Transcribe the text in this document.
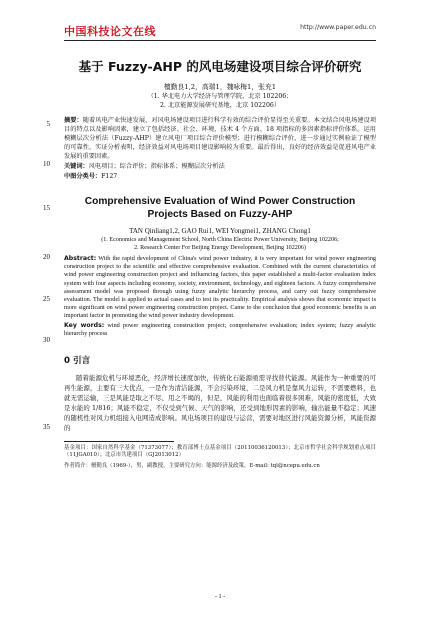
中国科技论文在线	http://www.paper.edu.cn
5
10
15
20
25
30
35
基于 Fuzzy-AHP 的风电场建设项目综合评价研究
檀勤良1,2，高瑞1，魏咏梅1，张充1
（1. 华北电力大学经济与管理学院，北京 102206；
2. 北京能源发展研究基地，北京 102206）
摘要：随着风电产业快速发展，对风电场建设项目进行科学有效的综合评价显得至关重要。本文结合风电场建设项目的特点以及影响因素，建立了包括经济、社会、环境、技术 4 个方面、18 项指标的多因素指标评价体系。运用模糊层次分析法（Fuzzy-AHP）建立风电厂项目综合评价模型；进行模糊综合评价，进一步通过实例验证了模型的可靠性，实证分析表明，经济效益对风电场项目建设影响较为重要。最后得出，良好的经济效益是促进风电产业发展的重要因素。
关键词：风电项目；综合评价；指标体系；模糊层次分析法
中图分类号：F127
Comprehensive Evaluation of Wind Power Construction Projects Based on Fuzzy-AHP
TAN Qinliang1,2, GAO Rui1, WEI Yongmei1, ZHANG Chong1
(1. Economics and Management School, North China Electric Power University, Beijing 102206;
2. Research Center For Beijing Energy Development, Beijing 102206)
Abstract: With the rapid development of China's wind power industry, it is very important for wind power engineering construction project to the scientific and effective comprehensive evaluation. Combined with the current characteristics of wind power engineering construction project and influencing factors, this paper established a multi-factor evaluation index system with four aspects including economy, society, environment, technology, and eighteen factors. A fuzzy comprehensive assessment model was proposed through using fuzzy analytic hierarchy process, and carry out fuzzy comprehensive evaluation. The model is applied to actual cases and to test its practicality. Empirical analysis shows that economic impact is more significant on wind power engineering construction project. Came to the conclusion that good economic benefits is an important factor in promoting the wind power industry development.
Key words: wind power engineering construction project; comprehensive evaluation; index system; fuzzy analytic hierarchy process
0 引言
随着能源危机与环境恶化，经济增长速度加快，传统化石能源亟需寻找替代能源。风能作为一种重要的可再生能源，主要有三大优点，一是作为清洁能源，不会污染环境，二是风力机是靠风力运转，不需要燃料，也就无需运输，三是风能是取之不尽、用之不竭的，但是，风能的利用也面临着很多困难，风能的密度低，大致是水能的 1/816；风能不稳定，不仅受到气候、天气的影响，还受到地形因素的影响，输出能量不稳定；风速的随机性对风力机组接入电网造成影响。风电场项目的建设与运营，需要对地区进行风能资源分析，风能资源的
基金项目：国家自然科学基金（71373077）；教育部博士点基金项目（20110036120013）；北京市哲学社会科学规划重点项目（11JGA010）；北京市共建项目（GJ2013012）
作者简介：檀勤良（1969-），男，副教授，主要研究方向：能源经济及政策，E-mail: tql@ncepu.edu.cn
- 1 -
